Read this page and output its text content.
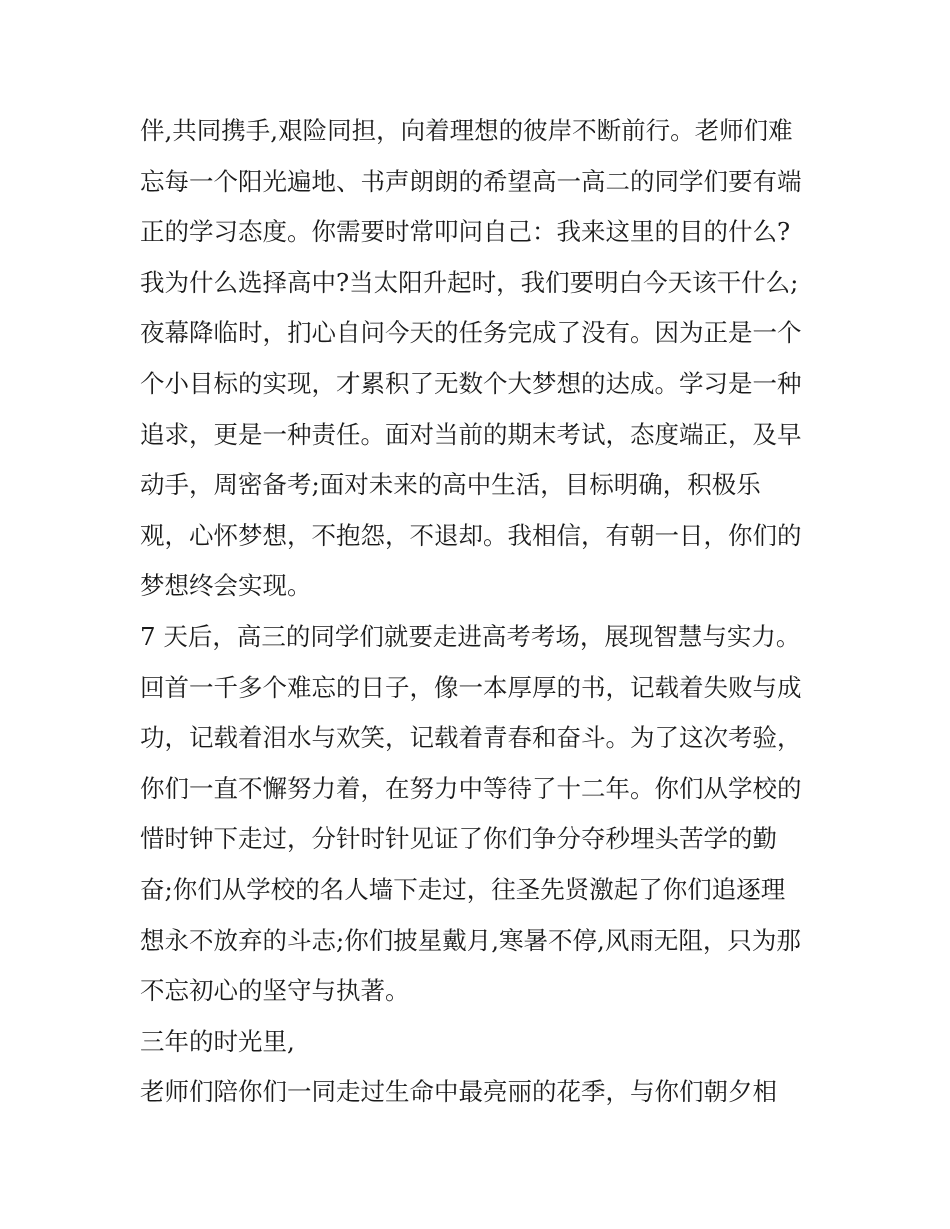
伴,共同携手,艰险同担，向着理想的彼岸不断前行。老师们难
忘每一个阳光遍地、书声朗朗的希望高一高二的同学们要有端
正的学习态度。你需要时常叩问自己：我来这里的目的什么?
我为什么选择高中?当太阳升起时，我们要明白今天该干什么;
夜幕降临时，扪心自问今天的任务完成了没有。因为正是一个
个小目标的实现，才累积了无数个大梦想的达成。学习是一种
追求，更是一种责任。面对当前的期末考试，态度端正，及早
动手，周密备考;面对未来的高中生活，目标明确，积极乐
观，心怀梦想，不抱怨，不退却。我相信，有朝一日，你们的
梦想终会实现。
7 天后，高三的同学们就要走进高考考场，展现智慧与实力。
回首一千多个难忘的日子，像一本厚厚的书，记载着失败与成
功，记载着泪水与欢笑，记载着青春和奋斗。为了这次考验，
你们一直不懈努力着，在努力中等待了十二年。你们从学校的
惜时钟下走过，分针时针见证了你们争分夺秒埋头苦学的勤
奋;你们从学校的名人墙下走过，往圣先贤激起了你们追逐理
想永不放弃的斗志;你们披星戴月,寒暑不停,风雨无阻，只为那
不忘初心的坚守与执著。
三年的时光里,
老师们陪你们一同走过生命中最亮丽的花季，与你们朝夕相
